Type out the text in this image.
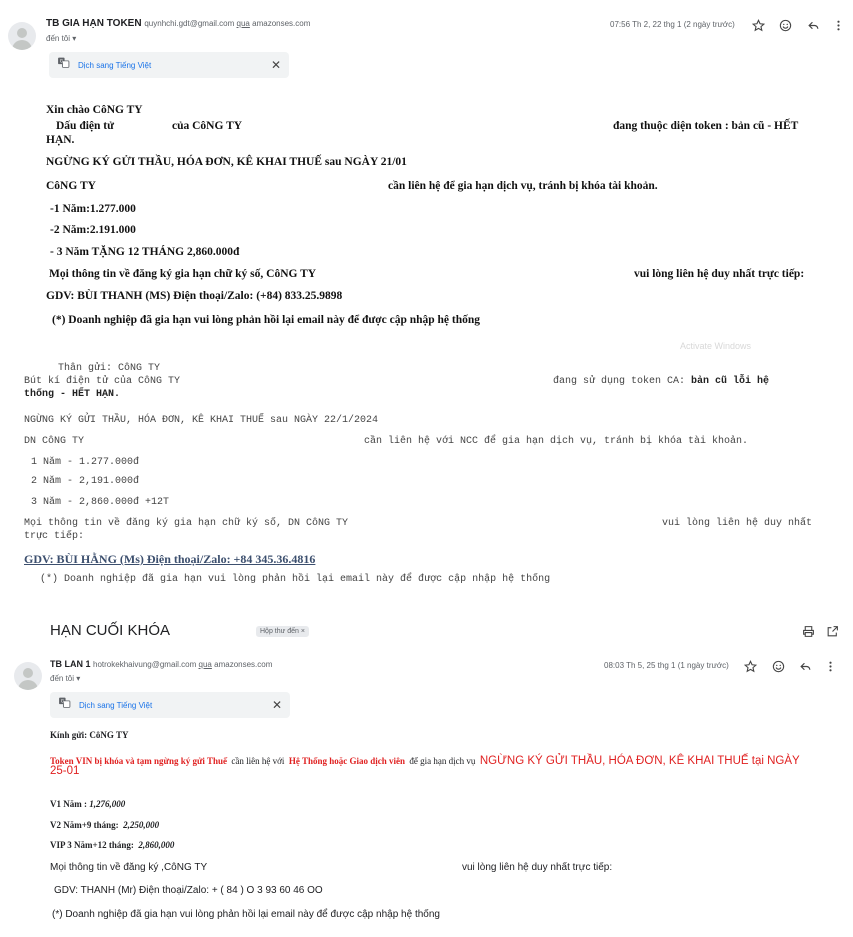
TB GIA HẠN TOKEN quynhchi.gdt@gmail.com qua amazonses.com
đến tôi ▾
07:56 Th 2, 22 thg 1 (2 ngày trước)
G Dịch sang Tiếng Việt	✕
Xin chào CôNG TY
Dấu điện tử	của CôNG TY	đang thuộc diện token : bản cũ - HẾT
HẠN.
NGỪNG KÝ GỬI THẦU, HÓA ĐƠN, KÊ KHAI THUẾ sau NGÀY 21/01
CôNG TY	cần liên hệ để gia hạn dịch vụ, tránh bị khóa tài khoản.
-1 Năm:1.277.000
-2 Năm:2.191.000
- 3 Năm TẶNG 12 THÁNG 2,860.000đ
Mọi thông tin về đăng ký gia hạn chữ ký số, CôNG TY	vui lòng liên hệ duy nhất trực tiếp:
GDV: BÙI THANH (MS) Điện thoại/Zalo: (+84) 833.25.9898
(*) Doanh nghiệp đã gia hạn vui lòng phản hồi lại email này để được cập nhập hệ thống
Activate Windows
Thân gửi: CôNG TY
Bút kí điện tử của CôNG TY	đang sử dụng token CA: bản cũ lỗi hệ
thống - HẾT HẠN.
NGỪNG KÝ GỬI THẦU, HÓA ĐƠN, KÊ KHAI THUẾ sau NGÀY 22/1/2024
DN CôNG TY	cần liên hệ với NCC để gia hạn dịch vụ, tránh bị khóa tài khoản.
1 Năm - 1.277.000đ
2 Năm - 2,191.000đ
3 Năm - 2,860.000đ +12T
Mọi thông tin về đăng ký gia hạn chữ ký số, DN CôNG TY	vui lòng liên hệ duy nhất
trực tiếp:
(*) Doanh nghiệp đã gia hạn vui lòng phản hồi lại email này để được cập nhập hệ thống
GDV: BÙI HẰNG (Ms) Điện thoại/Zalo: +84 345.36.4816
HẠN CUỐI KHÓA	Hộp thư đến ×
TB LAN 1 hotrokekhaivung@gmail.com qua amazonses.com
đến tôi ▾
08:03 Th 5, 25 thg 1 (1 ngày trước)
G Dịch sang Tiếng Việt	✕
Kính gửi: CôNG TY
Token VIN bị khóa và tạm ngừng ký gửi Thuế cần liên hệ với Hệ Thống hoặc Giao dịch viên để gia hạn dịch vụ NGỪNG KÝ GỬI THẦU, HÓA ĐƠN, KÊ KHAI THUẾ tại NGÀY
25-01
V1 Năm : 1,276,000
V2 Năm+9 tháng: 2,250,000
VIP 3 Năm+12 tháng: 2,860,000
Mọi thông tin về đăng ký ,CôNG TY	vui lòng liên hệ duy nhất trực tiếp:
GDV: THANH (Mr) Điện thoại/Zalo: + ( 84 ) O 3 93 60 46 OO
(*) Doanh nghiệp đã gia hạn vui lòng phản hồi lại email này để được cập nhập hệ thống
